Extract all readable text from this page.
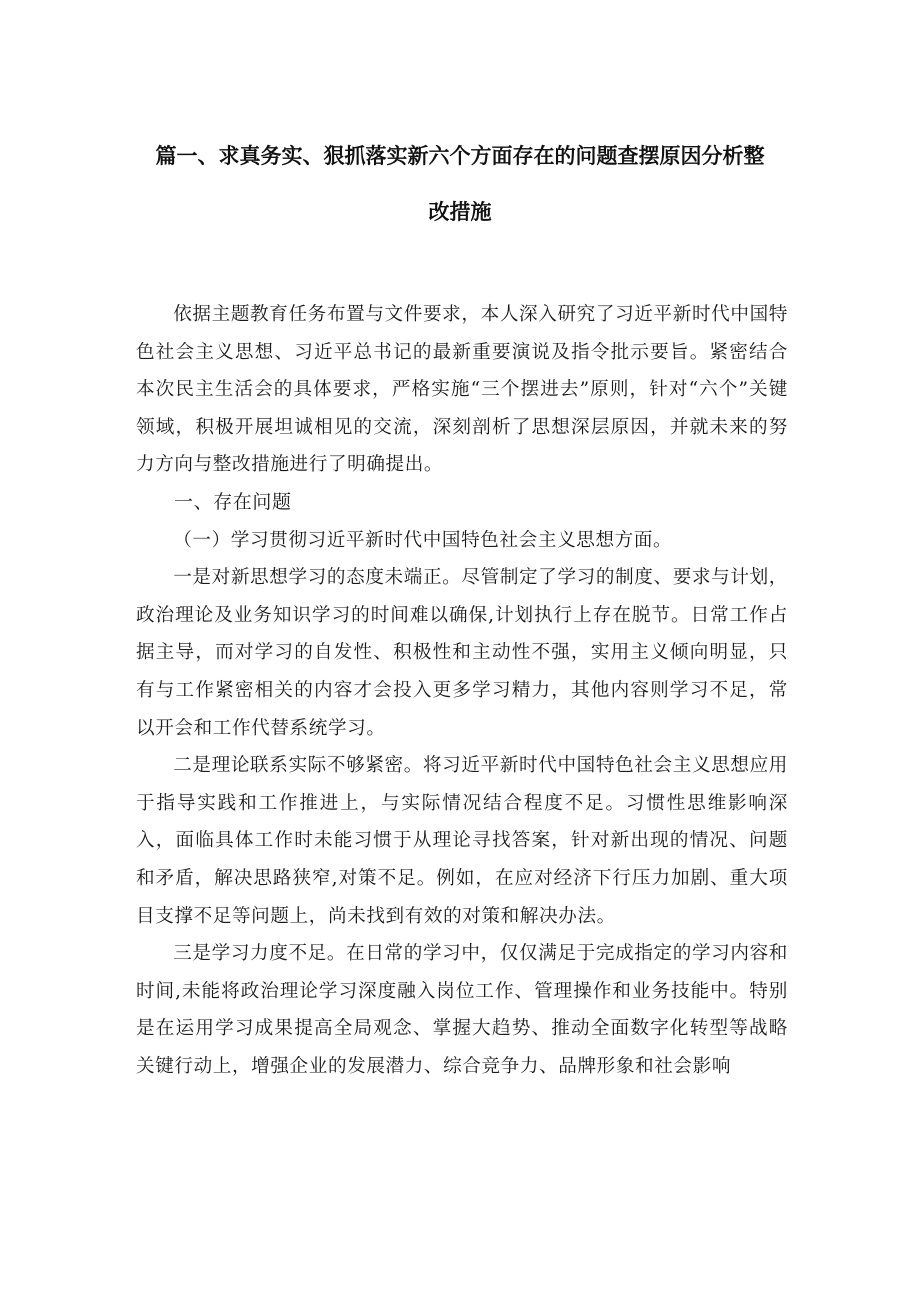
篇一、求真务实、狠抓落实新六个方面存在的问题查摆原因分析整
改措施

依据主题教育任务布置与文件要求，本人深入研究了习近平新时代中国特色社会主义思想、习近平总书记的最新重要演说及指令批示要旨。紧密结合本次民主生活会的具体要求，严格实施“三个摆进去”原则，针对“六个”关键领域，积极开展坦诚相见的交流，深刻剖析了思想深层原因，并就未来的努力方向与整改措施进行了明确提出。

一、存在问题

（一）学习贯彻习近平新时代中国特色社会主义思想方面。

一是对新思想学习的态度未端正。尽管制定了学习的制度、要求与计划，政治理论及业务知识学习的时间难以确保,计划执行上存在脱节。日常工作占据主导，而对学习的自发性、积极性和主动性不强，实用主义倾向明显，只有与工作紧密相关的内容才会投入更多学习精力，其他内容则学习不足，常以开会和工作代替系统学习。

二是理论联系实际不够紧密。将习近平新时代中国特色社会主义思想应用于指导实践和工作推进上，与实际情况结合程度不足。习惯性思维影响深入，面临具体工作时未能习惯于从理论寻找答案，针对新出现的情况、问题和矛盾，解决思路狭窄,对策不足。例如，在应对经济下行压力加剧、重大项目支撑不足等问题上，尚未找到有效的对策和解决办法。

三是学习力度不足。在日常的学习中，仅仅满足于完成指定的学习内容和时间,未能将政治理论学习深度融入岗位工作、管理操作和业务技能中。特别是在运用学习成果提高全局观念、掌握大趋势、推动全面数字化转型等战略关键行动上，增强企业的发展潜力、综合竞争力、品牌形象和社会影响
